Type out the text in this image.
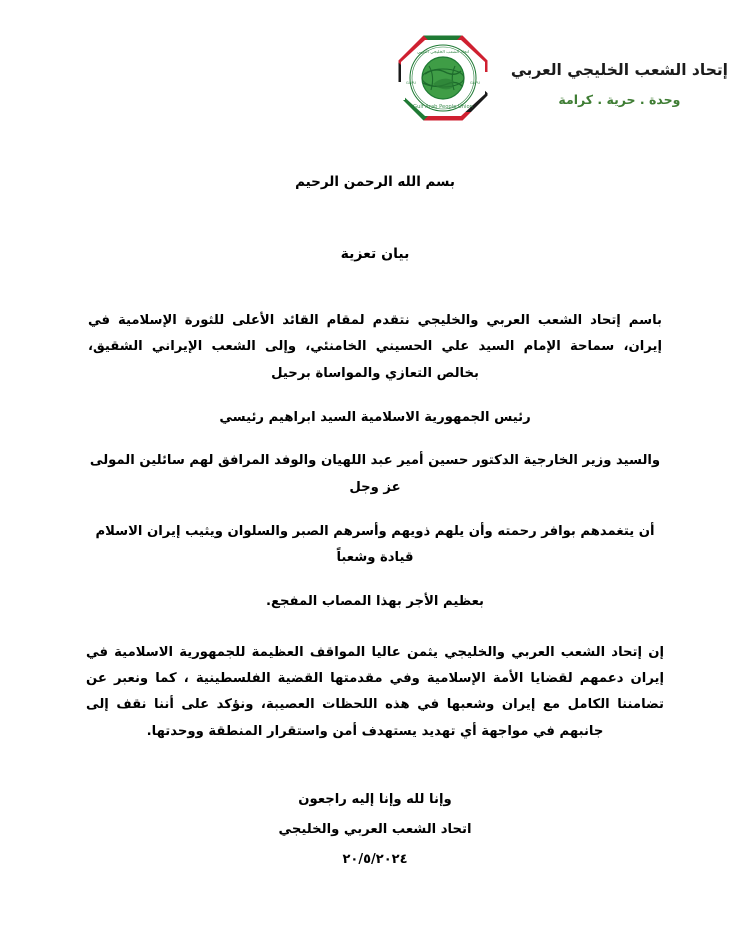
إتحاد الشعب الخليجي العربي
وحدة . حرية . كرامة
اتحاد الشعب الخليجي العربي
Gulf Arab People Union
GAPU	GAPU
بسم الله الرحمن الرحيم
بيان تعزية
باسم إتحاد الشعب العربي والخليجي نتقدم لمقام القائد الأعلى للثورة الإسلامية في إيران، سماحة الإمام السيد علي الحسيني الخامنئي، وإلى الشعب الإيراني الشقيق، بخالص التعازي والمواساة برحيل
رئيس الجمهورية الاسلامية السيد ابراهيم رئيسي
والسيد وزير الخارجية الدكتور حسين أمير عبد اللهيان والوفد المرافق لهم سائلين المولى عز وجل
أن يتغمدهم بوافر رحمته وأن يلهم ذويهم وأسرهم الصبر والسلوان ويثيب إيران الاسلام قيادة وشعباً
بعظيم الأجر بهذا المصاب المفجع.
إن إتحاد الشعب العربي والخليجي يثمن عاليا المواقف العظيمة للجمهورية الاسلامية في إيران دعمهم لقضايا الأمة الإسلامية وفي مقدمتها القضية الفلسطينية ، كما ونعبر عن تضامننا الكامل مع إيران وشعبها في هذه اللحظات العصيبة، ونؤكد على أننا نقف إلى جانبهم في مواجهة أي تهديد يستهدف أمن واستقرار المنطقة ووحدتها.
وإنا لله وإنا إليه راجعون
اتحاد الشعب العربي والخليجي
٢٠/٥/٢٠٢٤
